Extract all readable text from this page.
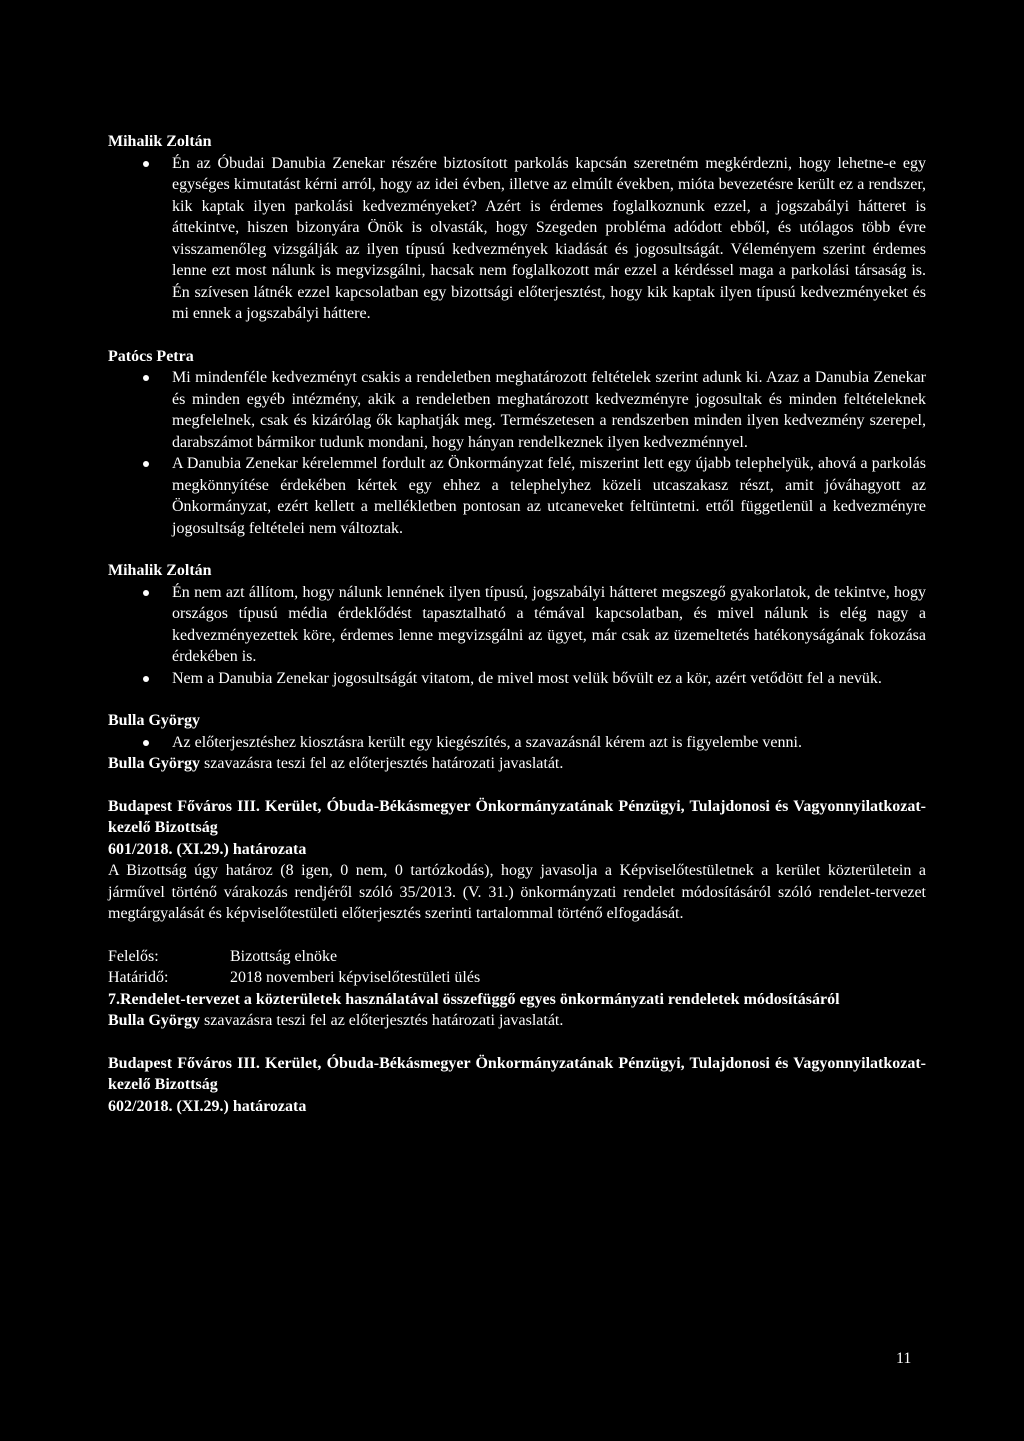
Mihalik Zoltán

Én az Óbudai Danubia Zenekar részére biztosított parkolás kapcsán szeretném megkérdezni, hogy lehetne-e egy egységes kimutatást kérni arról, hogy az idei évben, illetve az elmúlt években, mióta bevezetésre került ez a rendszer, kik kaptak ilyen parkolási kedvezményeket? Azért is érdemes foglalkoznunk ezzel, a jogszabályi hátteret is áttekintve, hiszen bizonyára Önök is olvasták, hogy Szegeden probléma adódott ebből, és utólagos több évre visszamenőleg vizsgálják az ilyen típusú kedvezmények kiadását és jogosultságát. Véleményem szerint érdemes lenne ezt most nálunk is megvizsgálni, hacsak nem foglalkozott már ezzel a kérdéssel maga a parkolási társaság is. Én szívesen látnék ezzel kapcsolatban egy bizottsági előterjesztést, hogy kik kaptak ilyen típusú kedvezményeket és mi ennek a jogszabályi háttere.

Patócs Petra

Mi mindenféle kedvezményt csakis a rendeletben meghatározott feltételek szerint adunk ki. Azaz a Danubia Zenekar és minden egyéb intézmény, akik a rendeletben meghatározott kedvezményre jogosultak és minden feltételeknek megfelelnek, csak és kizárólag ők kaphatják meg. Természetesen a rendszerben minden ilyen kedvezmény szerepel, darabszámot bármikor tudunk mondani, hogy hányan rendelkeznek ilyen kedvezménnyel.
A Danubia Zenekar kérelemmel fordult az Önkormányzat felé, miszerint lett egy újabb telephelyük, ahová a parkolás megkönnyítése érdekében kértek egy ehhez a telephelyhez közeli utcaszakasz részt, amit jóváhagyott az Önkormányzat, ezért kellett a mellékletben pontosan az utcaneveket feltüntetni. ettől függetlenül a kedvezményre jogosultság feltételei nem változtak.

Mihalik Zoltán

Én nem azt állítom, hogy nálunk lennének ilyen típusú, jogszabályi hátteret megszegő gyakorlatok, de tekintve, hogy országos típusú média érdeklődést tapasztalható a témával kapcsolatban, és mivel nálunk is elég nagy a kedvezményezettek köre, érdemes lenne megvizsgálni az ügyet, már csak az üzemeltetés hatékonyságának fokozása érdekében is.
Nem a Danubia Zenekar jogosultságát vitatom, de mivel most velük bővült ez a kör, azért vetődött fel a nevük.

Bulla György

Az előterjesztéshez kiosztásra került egy kiegészítés, a szavazásnál kérem azt is figyelembe venni.

Bulla György szavazásra teszi fel az előterjesztés határozati javaslatát.

Budapest Főváros III. Kerület, Óbuda-Békásmegyer Önkormányzatának Pénzügyi, Tulajdonosi és Vagyonnyilatkozat-kezelő Bizottság

601/2018. (XI.29.) határozata

A Bizottság úgy határoz (8 igen, 0 nem, 0 tartózkodás), hogy javasolja a Képviselőtestületnek a kerület közterületein a járművel történő várakozás rendjéről szóló 35/2013. (V. 31.) önkormányzati rendelet módosításáról szóló rendelet-tervezet megtárgyalását és képviselőtestületi előterjesztés szerinti tartalommal történő elfogadását.

Felelős:	Bizottság elnöke
Határidő:	2018 novemberi képviselőtestületi ülés

7.Rendelet-tervezet a közterületek használatával összefüggő egyes önkormányzati rendeletek módosításáról

Bulla György szavazásra teszi fel az előterjesztés határozati javaslatát.

Budapest Főváros III. Kerület, Óbuda-Békásmegyer Önkormányzatának Pénzügyi, Tulajdonosi és Vagyonnyilatkozat-kezelő Bizottság

602/2018. (XI.29.) határozata

11
